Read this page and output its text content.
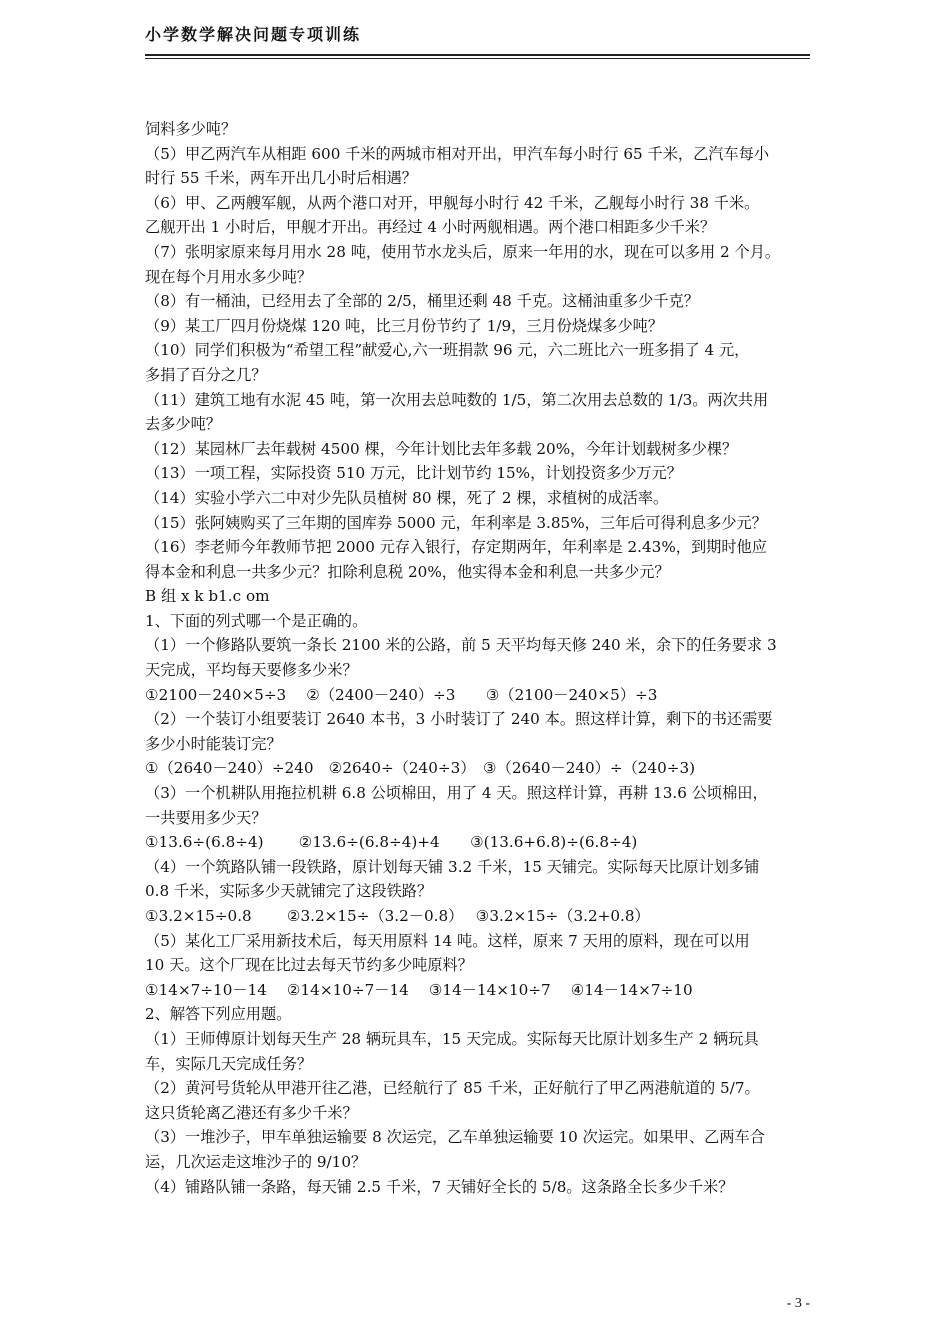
小学数学解决问题专项训练

饲料多少吨？

（5）甲乙两汽车从相距 600 千米的两城市相对开出，甲汽车每小时行 65 千米，乙汽车每小

时行 55 千米，两车开出几小时后相遇？

（6）甲、乙两艘军舰，从两个港口对开，甲舰每小时行 42 千米，乙舰每小时行 38 千米。

乙舰开出 1 小时后，甲舰才开出。再经过 4 小时两舰相遇。两个港口相距多少千米？

（7）张明家原来每月用水 28 吨，使用节水龙头后，原来一年用的水，现在可以多用 2 个月。

现在每个月用水多少吨？

（8）有一桶油，已经用去了全部的 2/5，桶里还剩 48 千克。这桶油重多少千克？

（9）某工厂四月份烧煤 120 吨，比三月份节约了 1/9，三月份烧煤多少吨？

（10）同学们积极为“希望工程”献爱心,六一班捐款 96 元，六二班比六一班多捐了 4 元，

多捐了百分之几？

（11）建筑工地有水泥 45 吨，第一次用去总吨数的 1/5，第二次用去总数的 1/3。两次共用

去多少吨？

（12）某园林厂去年载树 4500 棵，今年计划比去年多载 20%，今年计划载树多少棵？

（13）一项工程，实际投资 510 万元，比计划节约 15%，计划投资多少万元？

（14）实验小学六二中对少先队员植树 80 棵，死了 2 棵，求植树的成活率。

（15）张阿姨购买了三年期的国库券 5000 元，年利率是 3.85%，三年后可得利息多少元？

（16）李老师今年教师节把 2000 元存入银行，存定期两年，年利率是 2.43%，到期时他应

得本金和利息一共多少元？扣除利息税 20%，他实得本金和利息一共多少元？

B 组 x k b1.c om

1、下面的列式哪一个是正确的。

（1）一个修路队要筑一条长 2100 米的公路，前 5 天平均每天修 240 米，余下的任务要求 3

天完成，平均每天要修多少米？

①2100－240×5÷3　 ②（2400－240）÷3　　③（2100－240×5）÷3

（2）一个装订小组要装订 2640 本书，3 小时装订了 240 本。照这样计算，剩下的书还需要

多少小时能装订完？

①（2640－240）÷240　②2640÷（240÷3）　③（2640－240）÷（240÷3)

（3）一个机耕队用拖拉机耕 6.8 公顷棉田，用了 4 天。照这样计算，再耕 13.6 公顷棉田，

一共要用多少天？

①13.6÷(6.8÷4)　　 ②13.6÷(6.8÷4)+4　　③(13.6+6.8)÷(6.8÷4)

（4）一个筑路队铺一段铁路，原计划每天铺 3.2 千米，15 天铺完。实际每天比原计划多铺

0.8 千米，实际多少天就铺完了这段铁路？

①3.2×15÷0.8　　 ②3.2×15÷（3.2－0.8）　 ③3.2×15÷（3.2+0.8）

（5）某化工厂采用新技术后，每天用原料 14 吨。这样，原来 7 天用的原料，现在可以用

10 天。这个厂现在比过去每天节约多少吨原料？

①14×7÷10－14　 ②14×10÷7－14　 ③14－14×10÷7　 ④14－14×7÷10

2、解答下列应用题。

（1）王师傅原计划每天生产 28 辆玩具车，15 天完成。实际每天比原计划多生产 2 辆玩具

车，实际几天完成任务？

（2）黄河号货轮从甲港开往乙港，已经航行了 85 千米，正好航行了甲乙两港航道的 5/7。

这只货轮离乙港还有多少千米？

（3）一堆沙子，甲车单独运输要 8 次运完，乙车单独运输要 10 次运完。如果甲、乙两车合

运，几次运走这堆沙子的 9/10？

（4）铺路队铺一条路，每天铺 2.5 千米，7 天铺好全长的 5/8。这条路全长多少千米？

- 3 -
